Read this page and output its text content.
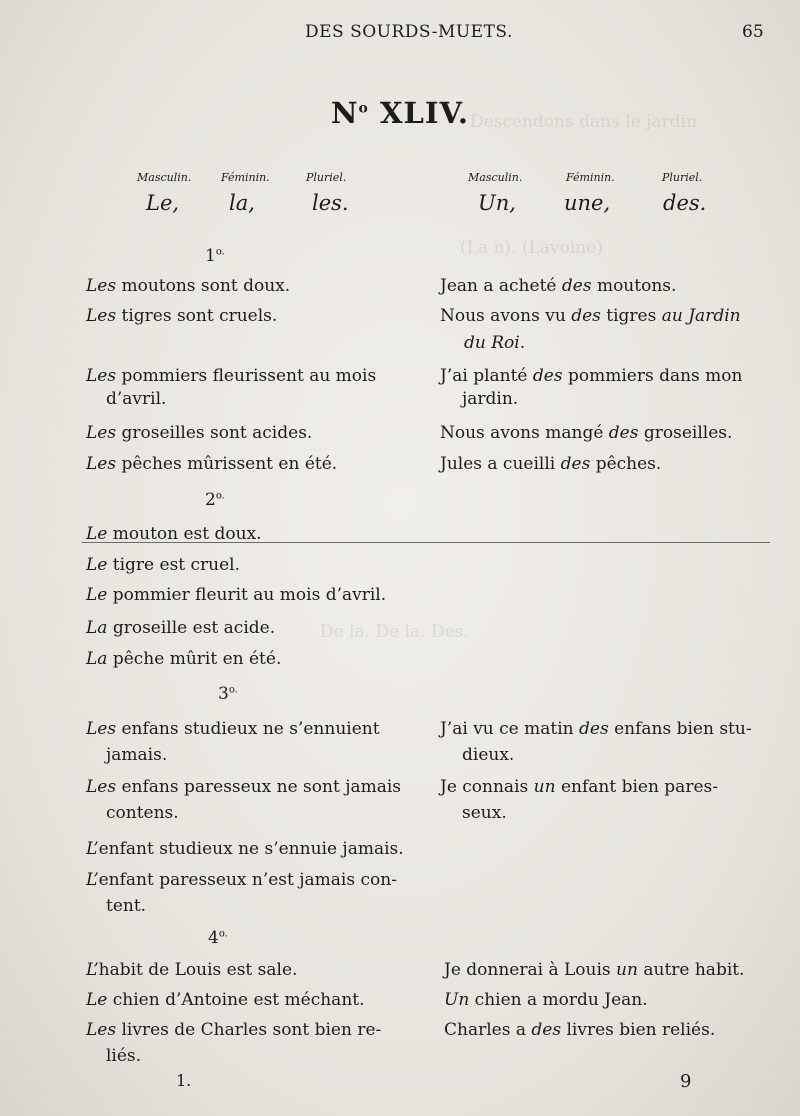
Descendons dans le jardin
(La n). (Lavoine)
De la. De la. Des.
DES SOURDS-MUETS.	65
$N^o$ XLIV.
Masculin.	Féminin.	Pluriel.
Le, la,	les.
Masculin.	Féminin.	Pluriel.
Un, une,	des.
$1^{o.}$
Les moutons sont doux.
Les tigres sont cruels.
Les pommiers fleurissent au mois
d’avril.
Les groseilles sont acides.
Les pêches mûrissent en été.
Jean a acheté des moutons.
Nous avons vu des tigres au Jardin
du Roi.
J’ai planté des pommiers dans mon
jardin.
Nous avons mangé des groseilles.
Jules a cueilli des pêches.
$2^{o.}$
Le mouton est doux.
Le tigre est cruel.
Le pommier fleurit au mois d’avril.
La groseille est acide.
La pêche mûrit en été.
$3^{o.}$
Les enfans studieux ne s’ennuient
jamais.
Les enfans paresseux ne sont jamais
contens.
L’enfant studieux ne s’ennuie jamais.
L’enfant paresseux n’est jamais con-
tent.
J’ai vu ce matin des enfans bien stu-
dieux.
Je connais un enfant bien pares-
seux.
$4^{o.}$
L’habit de Louis est sale.
Le chien d’Antoine est méchant.
Les livres de Charles sont bien re-
liés.
Je donnerai à Louis un autre habit.
Un chien a mordu Jean.
Charles a des livres bien reliés.
1.	9
